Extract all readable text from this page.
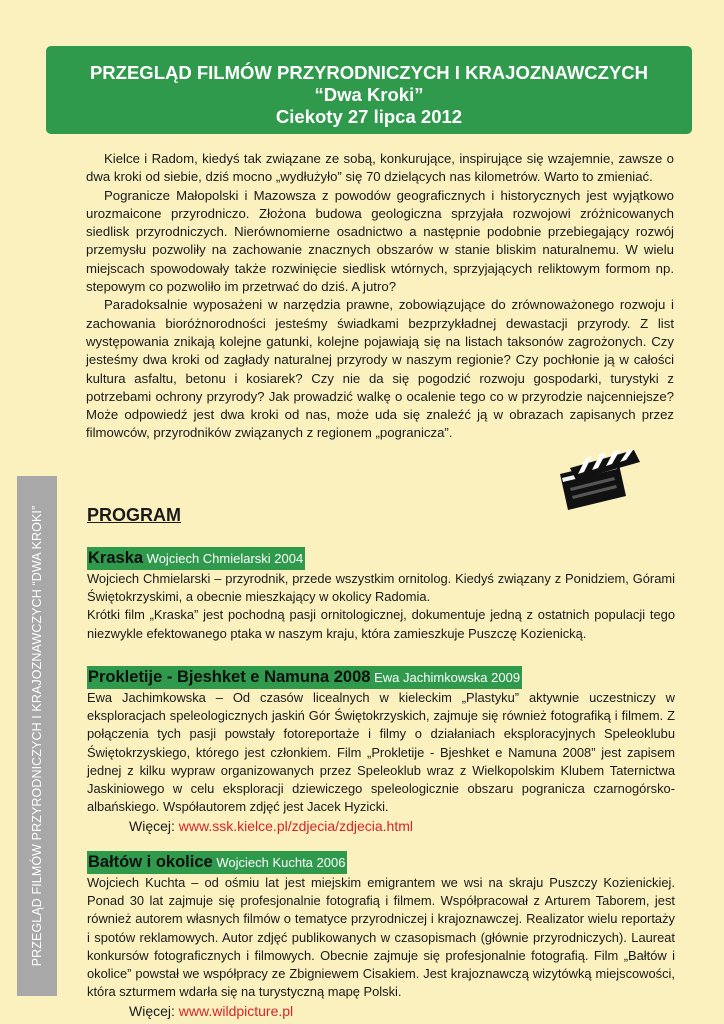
PRZEGLĄD FILMÓW PRZYRODNICZYCH I KRAJOZNAWCZYCH
“Dwa Kroki”
Ciekoty 27 lipca 2012
PRZEGLĄD FILMÓW PRZYRODNICZYCH I KRAJOZNAWCZYCH “DWA KROKI”

Kielce i Radom, kiedyś tak związane ze sobą, konkurujące, inspirujące się wzajemnie, zawsze o dwa kroki od siebie, dziś mocno „wydłużyło” się 70 dzielących nas kilometrów. Warto to zmieniać.

Pogranicze Małopolski i Mazowsza z powodów geograficznych i historycznych jest wyjątkowo urozmaicone przyrodniczo. Złożona budowa geologiczna sprzyjała rozwojowi zróżnicowanych siedlisk przyrodniczych. Nierównomierne osadnictwo a następnie podobnie przebiegający rozwój przemysłu pozwoliły na zachowanie znacznych obszarów w stanie bliskim naturalnemu. W wielu miejscach spowodowały także rozwinięcie siedlisk wtórnych, sprzyjających reliktowym formom np. stepowym co pozwoliło im przetrwać do dziś. A jutro?

Paradoksalnie wyposażeni w narzędzia prawne, zobowiązujące do zrównoważonego rozwoju i zachowania bioróżnorodności jesteśmy świadkami bezprzykładnej dewastacji przyrody. Z list występowania znikają kolejne gatunki, kolejne pojawiają się na listach taksonów zagrożonych. Czy jesteśmy dwa kroki od zagłady naturalnej przyrody w naszym regionie? Czy pochłonie ją w całości kultura asfaltu, betonu i kosiarek? Czy nie da się pogodzić rozwoju gospodarki, turystyki z potrzebami ochrony przyrody? Jak prowadzić walkę o ocalenie tego co w przyrodzie najcenniejsze? Może odpowiedź jest dwa kroki od nas, może uda się znaleźć ją w obrazach zapisanych przez filmowców, przyrodników związanych z regionem „pogranicza”.

PROGRAM
Kraska Wojciech Chmielarski 2004

Wojciech Chmielarski – przyrodnik, przede wszystkim ornitolog. Kiedyś związany z Ponidziem, Górami Świętokrzyskimi, a obecnie mieszkający w okolicy Radomia.

Krótki film „Kraska” jest pochodną pasji ornitologicznej, dokumentuje jedną z ostatnich populacji tego niezwykle efektowanego ptaka w naszym kraju, która zamieszkuje Puszczę Kozienicką.

Prokletije - Bjeshket e Namuna 2008 Ewa Jachimkowska 2009

Ewa Jachimkowska – Od czasów licealnych w kieleckim „Plastyku” aktywnie uczestniczy w eksploracjach speleologicznych jaskiń Gór Świętokrzyskich, zajmuje się również fotografiką i filmem. Z połączenia tych pasji powstały fotoreportaże i filmy o działaniach eksploracyjnych Speleoklubu Świętokrzyskiego, którego jest członkiem. Film „Prokletije - Bjeshket e Namuna 2008” jest zapisem jednej z kilku wypraw organizowanych przez Speleoklub wraz z Wielkopolskim Klubem Taternictwa Jaskiniowego w celu eksploracji dziewiczego speleologicznie obszaru pogranicza czarnogórsko-albańskiego. Współautorem zdjęć jest Jacek Hyzicki.

Więcej: www.ssk.kielce.pl/zdjecia/zdjecia.html
Bałtów i okolice Wojciech Kuchta 2006

Wojciech Kuchta – od ośmiu lat jest miejskim emigrantem we wsi na skraju Puszczy Kozienickiej. Ponad 30 lat zajmuje się profesjonalnie fotografią i filmem. Współpracował z Arturem Taborem, jest również autorem własnych filmów o tematyce przyrodniczej i krajoznawczej. Realizator wielu reportaży i spotów reklamowych. Autor zdjęć publikowanych w czasopismach (głównie przyrodniczych). Laureat konkursów fotograficznych i filmowych. Obecnie zajmuje się profesjonalnie fotografią. Film „Bałtów i okolice” powstał we współpracy ze Zbigniewem Cisakiem. Jest krajoznawczą wizytówką miejscowości, która szturmem wdarła się na turystyczną mapę Polski.

Więcej: www.wildpicture.pl
